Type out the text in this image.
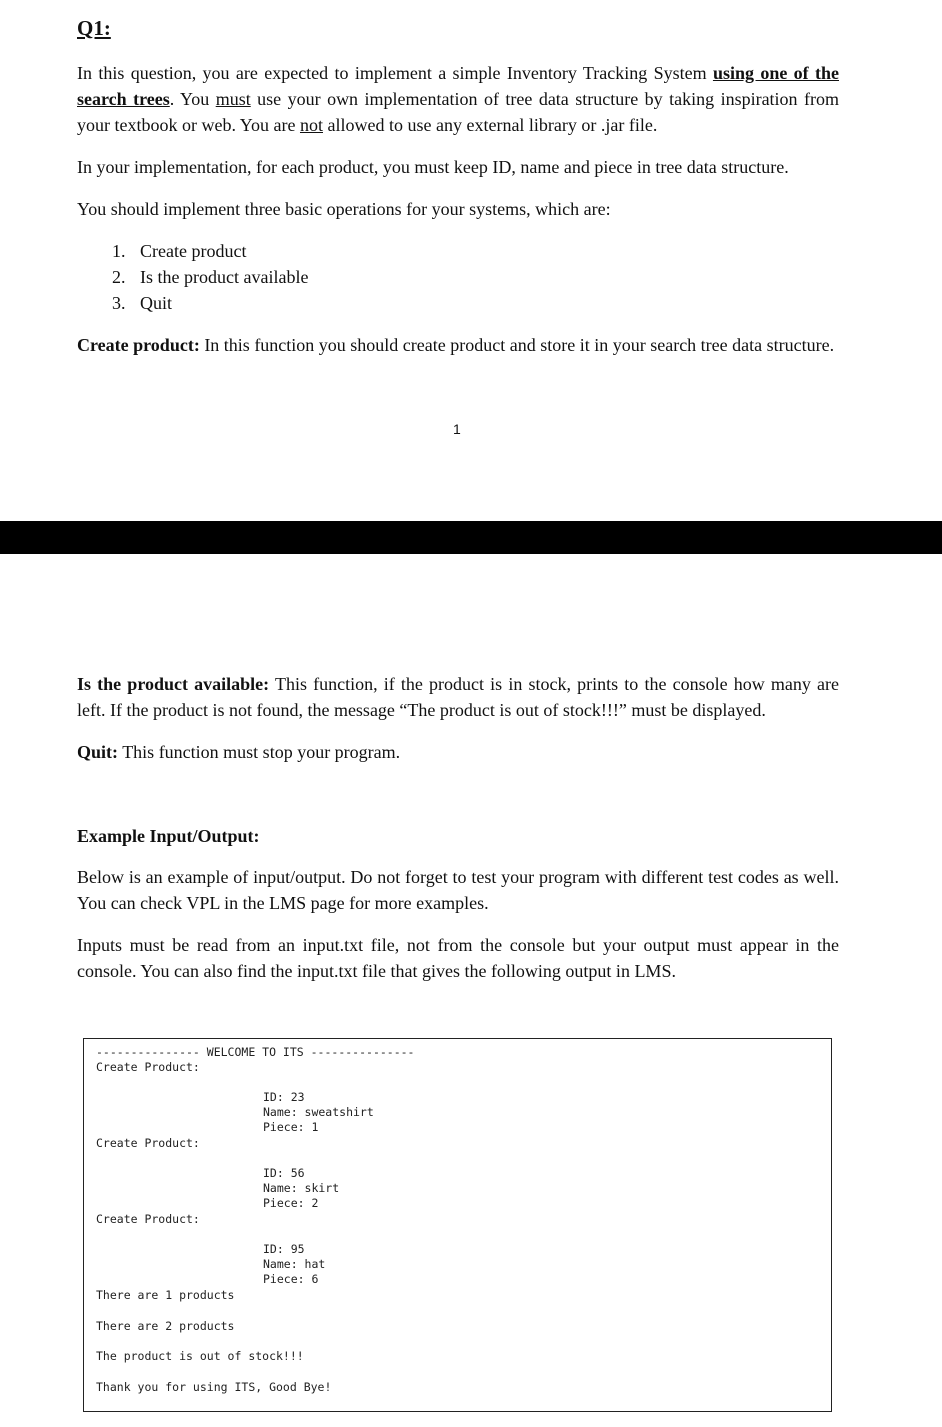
Q1:
In this question, you are expected to implement a simple Inventory Tracking System using one of the search trees. You must use your own implementation of tree data structure by taking inspiration from your textbook or web. You are not allowed to use any external library or .jar file.
In your implementation, for each product, you must keep ID, name and piece in tree data structure.
You should implement three basic operations for your systems, which are:
1. Create product
2. Is the product available
3. Quit
Create product: In this function you should create product and store it in your search tree data structure.
1
Is the product available: This function, if the product is in stock, prints to the console how many are left. If the product is not found, the message “The product is out of stock!!!” must be displayed.
Quit: This function must stop your program.
Example Input/Output:
Below is an example of input/output. Do not forget to test your program with different test codes as well. You can check VPL in the LMS page for more examples.
Inputs must be read from an input.txt file, not from the console but your output must appear in the console. You can also find the input.txt file that gives the following output in LMS.
--------------- WELCOME TO ITS ---------------
Create Product:
ID: 23
Name: sweatshirt
Piece: 1
Create Product:
ID: 56
Name: skirt
Piece: 2
Create Product:
ID: 95
Name: hat
Piece: 6
There are 1 products
There are 2 products
The product is out of stock!!!
Thank you for using ITS, Good Bye!
